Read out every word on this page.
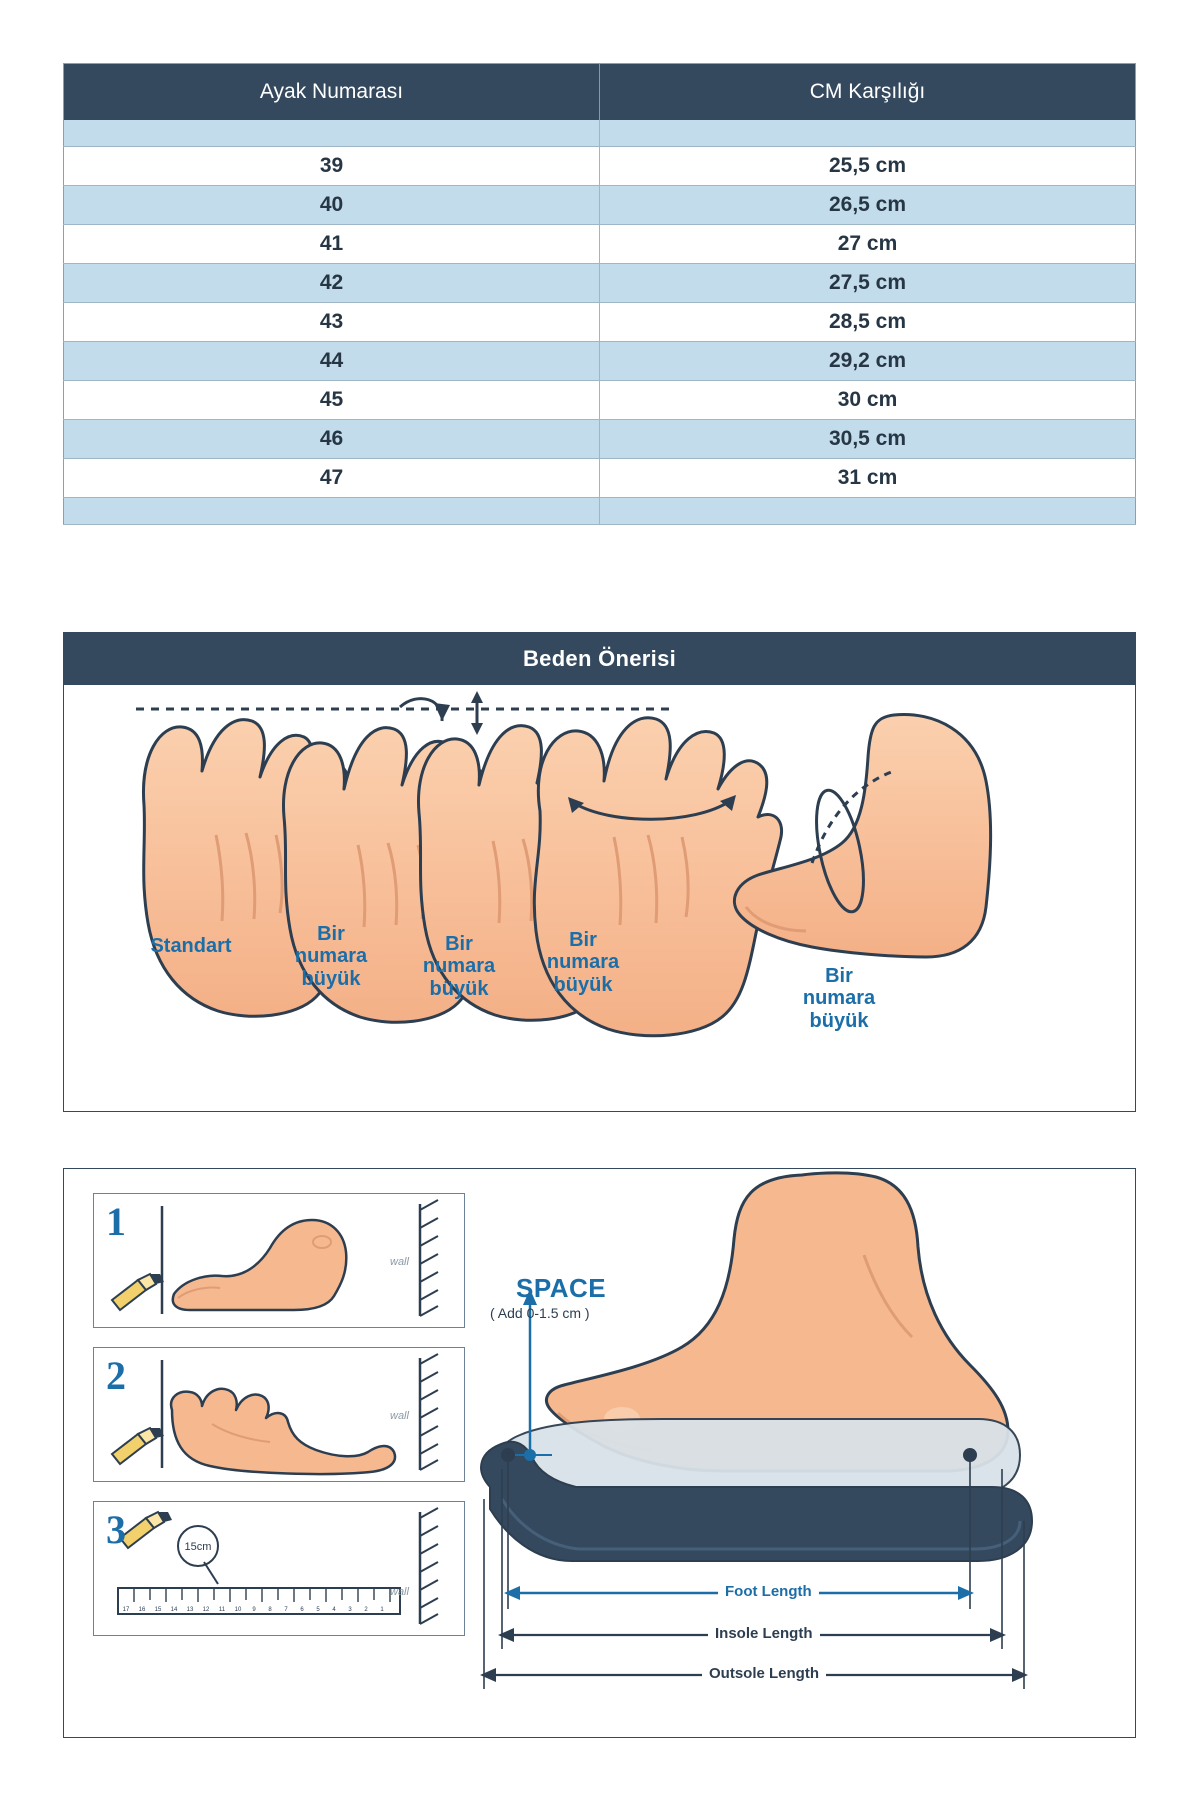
Ayak Numarası	CM Karşılığı

39	25,5 cm
40	26,5 cm
41	27 cm
42	27,5 cm
43	28,5 cm
44	29,2 cm
45	30 cm
46	30,5 cm
47	31 cm

Beden Önerisi
Standart
Bir
numara
büyük
Bir
numara
büyük
Bir
numara
büyük	Bir
numara
büyük
1
wall
2
wall
3	15cm
17 16 15 14 13 12 11 10 9 8 7 6 5 4 3 2 1
wall
SPACE
( Add 0-1.5 cm )
Foot Length
Insole Length
Outsole Length
